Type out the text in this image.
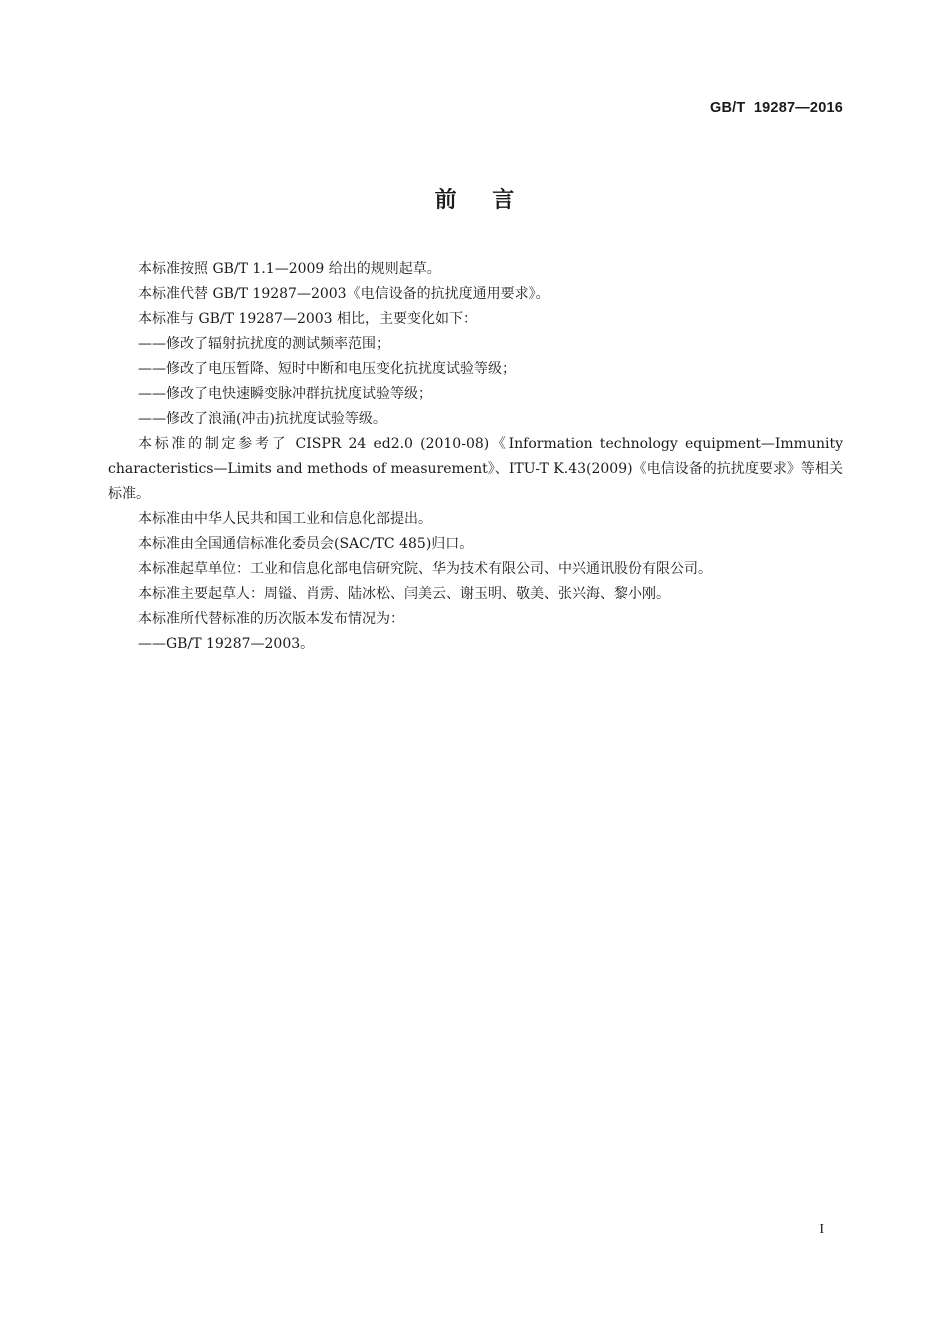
GB/T  19287—2016
前    言

本标准按照 GB/T 1.1—2009 给出的规则起草。

本标准代替 GB/T 19287—2003《电信设备的抗扰度通用要求》。

本标准与 GB/T 19287—2003 相比，主要变化如下：

——修改了辐射抗扰度的测试频率范围；

——修改了电压暂降、短时中断和电压变化抗扰度试验等级；

——修改了电快速瞬变脉冲群抗扰度试验等级；

——修改了浪涌(冲击)抗扰度试验等级。

本标准的制定参考了 CISPR 24 ed2.0 (2010-08)《Information technology equipment—Immunity characteristics—Limits and methods of measurement》、ITU-T K.43(2009)《电信设备的抗扰度要求》等相关标准。

本标准由中华人民共和国工业和信息化部提出。

本标准由全国通信标准化委员会(SAC/TC 485)归口。

本标准起草单位：工业和信息化部电信研究院、华为技术有限公司、中兴通讯股份有限公司。

本标准主要起草人：周镒、肖雳、陆冰松、闫美云、谢玉明、敬美、张兴海、黎小刚。

本标准所代替标准的历次版本发布情况为：

——GB/T 19287—2003。

I
